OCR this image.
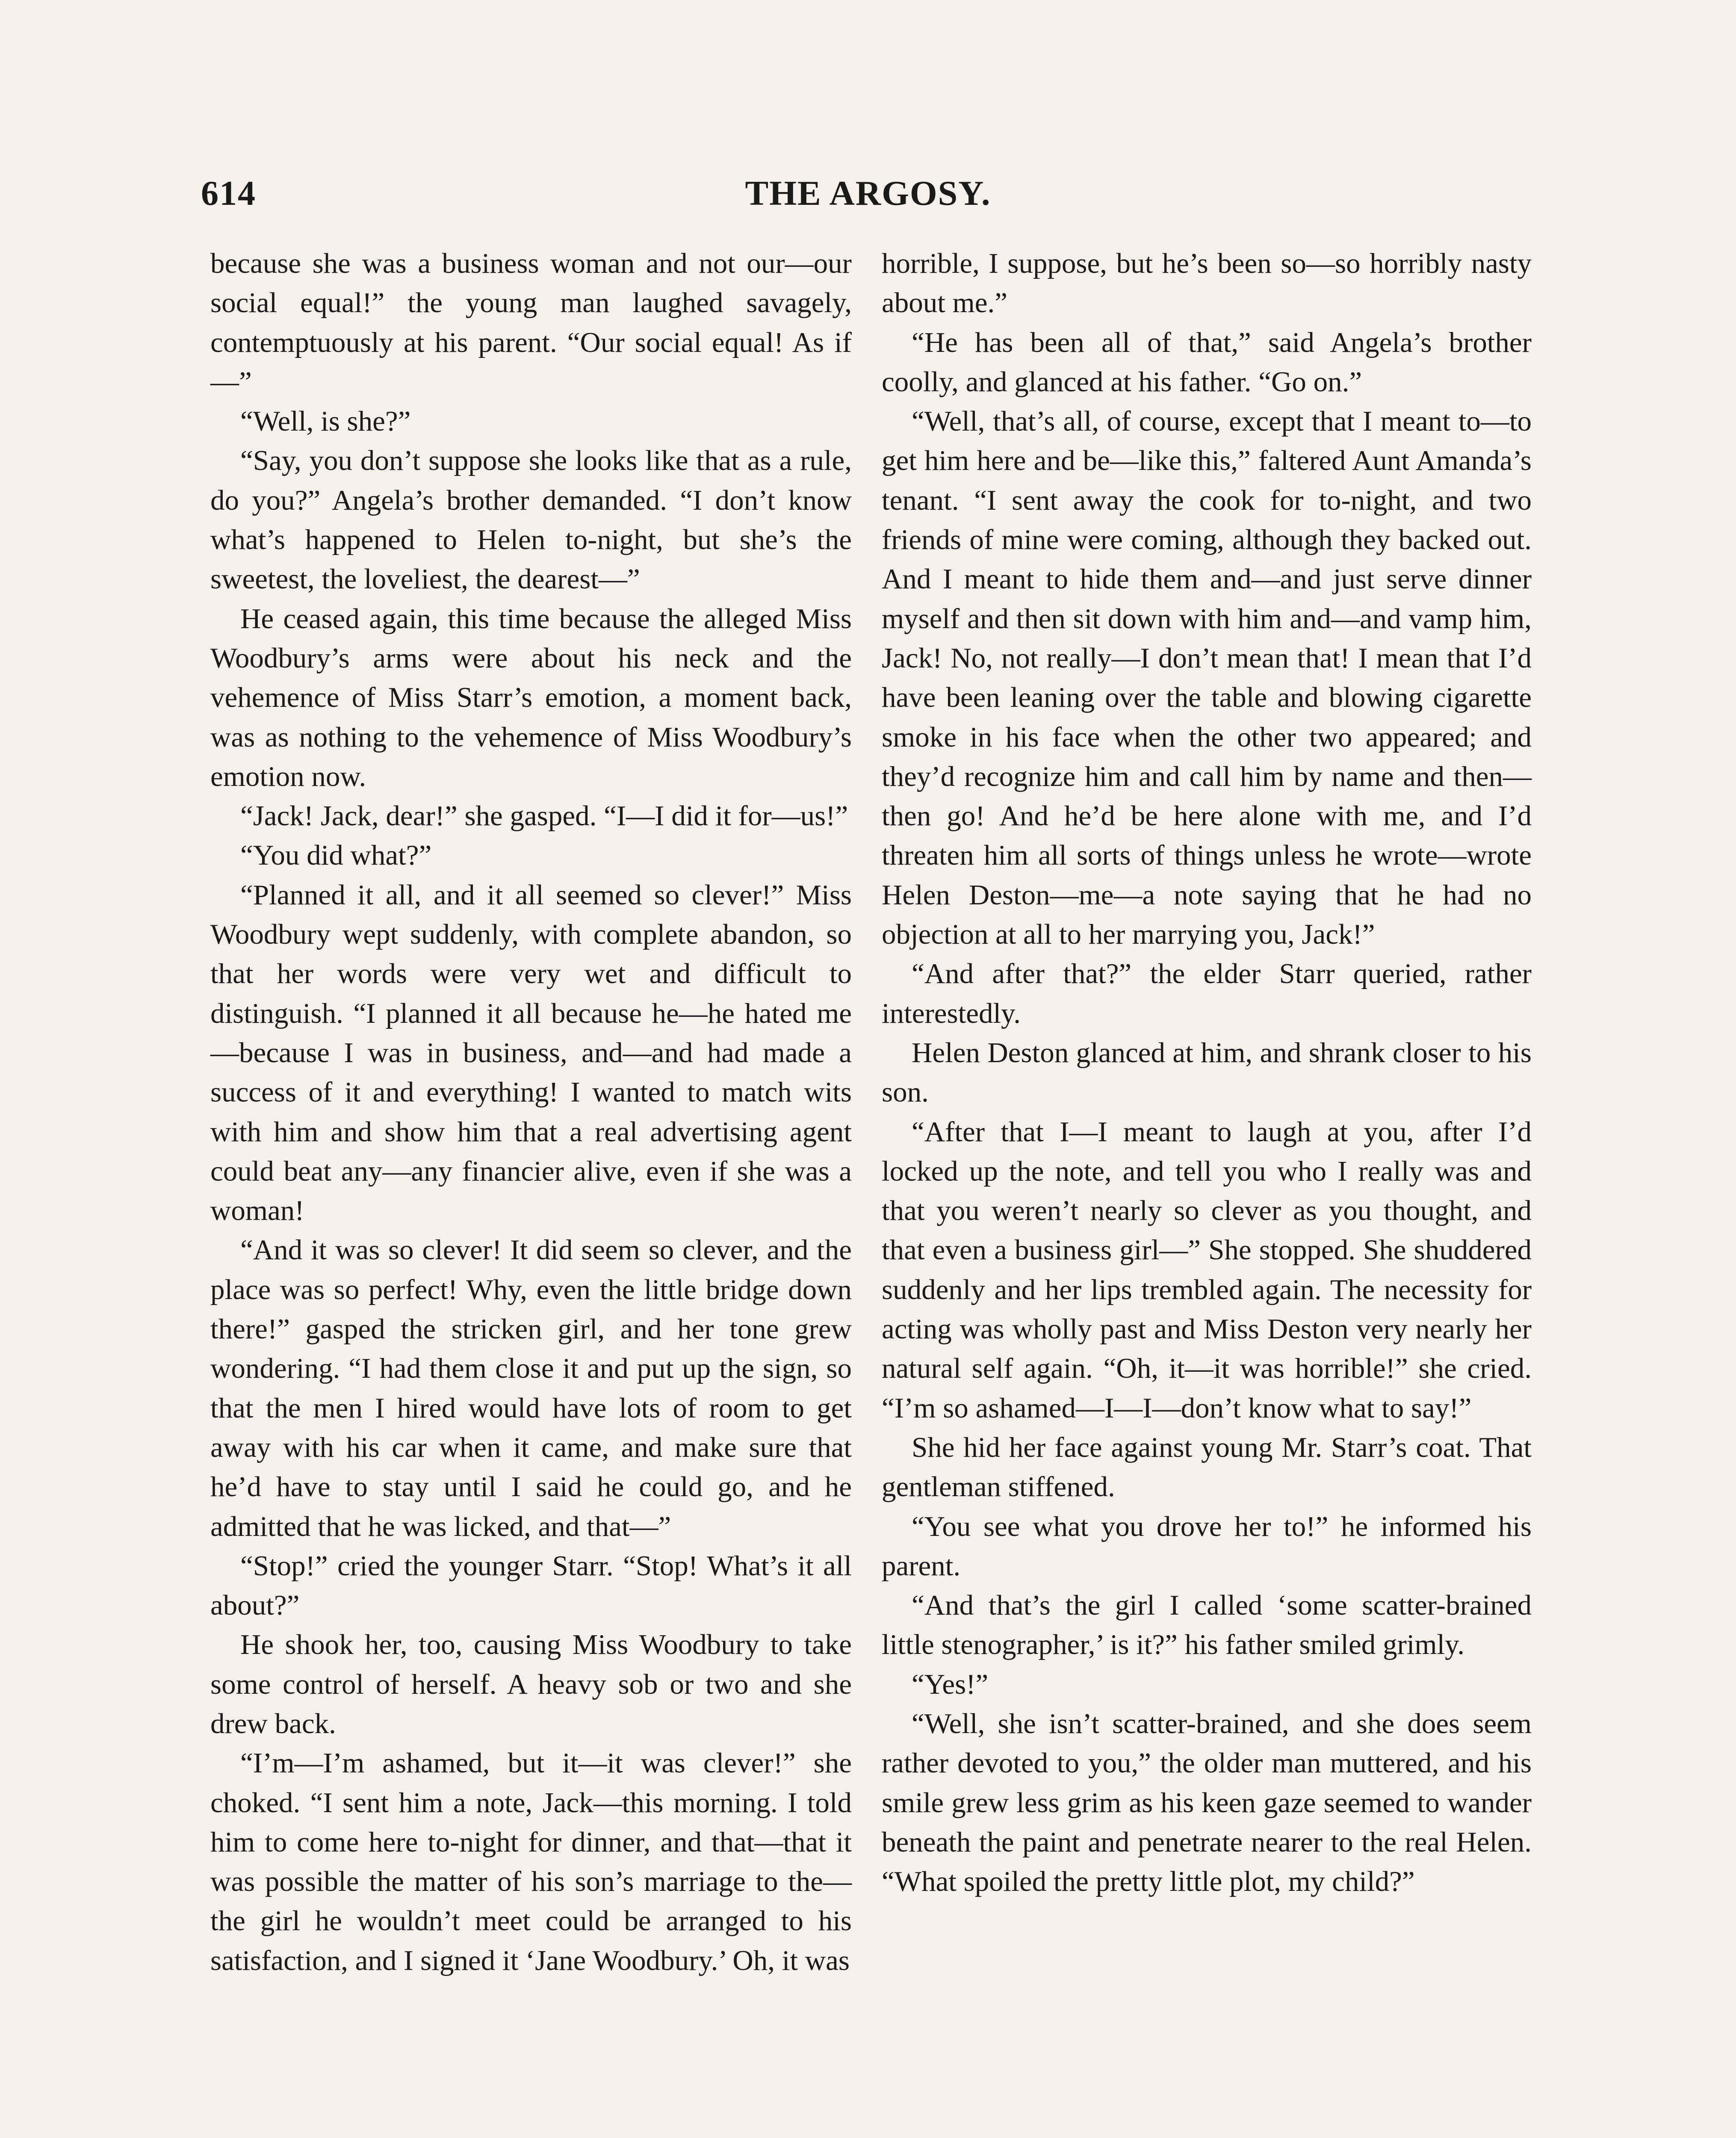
614	THE ARGOSY.

because she was a business woman and not our—our social equal!” the young man laughed savagely, contemptuously at his parent. “Our social equal! As if—”

“Well, is she?”

“Say, you don’t suppose she looks like that as a rule, do you?” Angela’s brother demanded. “I don’t know what’s happened to Helen to-night, but she’s the sweetest, the loveliest, the dearest—”

He ceased again, this time because the alleged Miss Woodbury’s arms were about his neck and the vehemence of Miss Starr’s emotion, a moment back, was as nothing to the vehemence of Miss Woodbury’s emotion now.

“Jack! Jack, dear!” she gasped. “I—I did it for—us!”

“You did what?”

“Planned it all, and it all seemed so clever!” Miss Woodbury wept suddenly, with complete abandon, so that her words were very wet and difficult to distinguish. “I planned it all because he—he hated me—because I was in business, and—and had made a success of it and everything! I wanted to match wits with him and show him that a real advertising agent could beat any—any financier alive, even if she was a woman!

“And it was so clever! It did seem so clever, and the place was so perfect! Why, even the little bridge down there!” gasped the stricken girl, and her tone grew wondering. “I had them close it and put up the sign, so that the men I hired would have lots of room to get away with his car when it came, and make sure that he’d have to stay until I said he could go, and he admitted that he was licked, and that—”

“Stop!” cried the younger Starr. “Stop! What’s it all about?”

He shook her, too, causing Miss Woodbury to take some control of herself. A heavy sob or two and she drew back.

“I’m—I’m ashamed, but it—it was clever!” she choked. “I sent him a note, Jack—this morning. I told him to come here to-night for dinner, and that—that it was possible the matter of his son’s marriage to the—the girl he wouldn’t meet could be arranged to his satisfaction, and I signed it ‘Jane Woodbury.’ Oh, it was

horrible, I suppose, but he’s been so—so horribly nasty about me.”

“He has been all of that,” said Angela’s brother coolly, and glanced at his father. “Go on.”

“Well, that’s all, of course, except that I meant to—to get him here and be—like this,” faltered Aunt Amanda’s tenant. “I sent away the cook for to-night, and two friends of mine were coming, although they backed out. And I meant to hide them and—and just serve dinner myself and then sit down with him and—and vamp him, Jack! No, not really—I don’t mean that! I mean that I’d have been leaning over the table and blowing cigarette smoke in his face when the other two appeared; and they’d recognize him and call him by name and then—then go! And he’d be here alone with me, and I’d threaten him all sorts of things unless he wrote—wrote Helen Deston—me—a note saying that he had no objection at all to her marrying you, Jack!”

“And after that?” the elder Starr queried, rather interestedly.

Helen Deston glanced at him, and shrank closer to his son.

“After that I—I meant to laugh at you, after I’d locked up the note, and tell you who I really was and that you weren’t nearly so clever as you thought, and that even a business girl—” She stopped. She shuddered suddenly and her lips trembled again. The necessity for acting was wholly past and Miss Deston very nearly her natural self again. “Oh, it—it was horrible!” she cried. “I’m so ashamed—I—I—don’t know what to say!”

She hid her face against young Mr. Starr’s coat. That gentleman stiffened.

“You see what you drove her to!” he informed his parent.

“And that’s the girl I called ‘some scatter-brained little stenographer,’ is it?” his father smiled grimly.

“Yes!”

“Well, she isn’t scatter-brained, and she does seem rather devoted to you,” the older man muttered, and his smile grew less grim as his keen gaze seemed to wander beneath the paint and penetrate nearer to the real Helen. “What spoiled the pretty little plot, my child?”
